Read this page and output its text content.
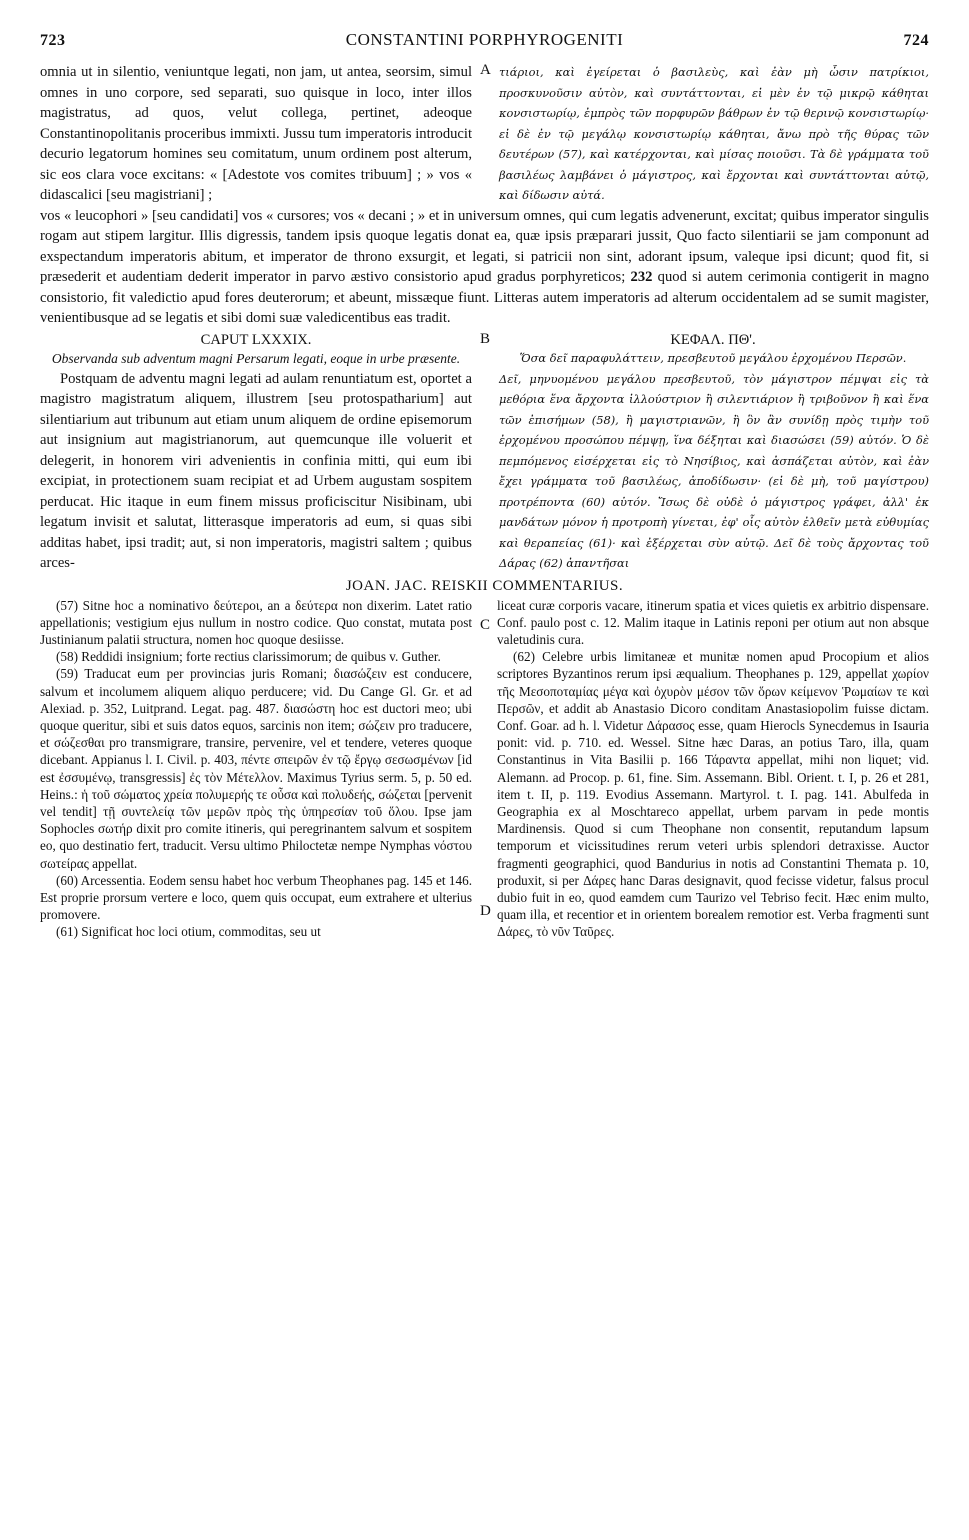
723	CONSTANTINI PORPHYROGENITI	724
A

omnia ut in silentio, veniuntque legati, non jam, ut antea, seorsim, simul omnes in uno corpore, sed separati, suo quisque in loco, inter illos magistratus, ad quos, velut collega, pertinet, adeoque Constantinopolitanis proceribus immixti. Jussu tum imperatoris introducit decurio legatorum homines seu comitatum, unum ordinem post alterum, sic eos clara voce excitans: « [Adestote vos comites tribuum] ; » vos « didascalici [seu magistriani] ;

τιάριοι, καὶ ἐγείρεται ὁ βασιλεὺς, καὶ ἐὰν μὴ ὦσιν πατρίκιοι, προσκυνοῦσιν αὐτὸν, καὶ συντάττονται, εἰ μὲν ἐν τῷ μικρῷ κάθηται κονσιστωρίῳ, ἐμπρὸς τῶν πορφυρῶν βάθρων ἐν τῷ θερινῷ κονσιστωρίῳ· εἰ δὲ ἐν τῷ μεγάλῳ κονσιστωρίῳ κάθηται, ἄνω πρὸ τῆς θύρας τῶν δευτέρων (57), καὶ κατέρχονται, καὶ μίσας ποιοῦσι. Τὰ δὲ γράμματα τοῦ βασιλέως λαμβάνει ὁ μάγιστρος, καὶ ἔρχονται καὶ συντάττονται αὐτῷ, καὶ δίδωσιν αὐτά.

vos « leucophori » [seu candidati] vos « cursores; vos « decani ; » et in universum omnes, qui cum legatis advenerunt, excitat; quibus imperator singulis rogam aut stipem largitur. Illis digressis, tandem ipsis quoque legatis donat ea, quæ ipsis præparari jussit, Quo facto silentiarii se jam componunt ad exspectandum imperatoris abitum, et imperator de throno exsurgit, et legati, si patricii non sint, adorant ipsum, valeque ipsi dicunt; quod fit, si præsederit et audentiam dederit imperator in parvo æstivo consistorio apud gradus porphyreticos; 232 quod si autem cerimonia contigerit in magno consistorio, fit valedictio apud fores deuterorum; et abeunt, missæque fiunt. Litteras autem imperatoris ad alterum occidentalem ad se sumit magister, venientibusque ad se legatis et sibi domi suæ valedicentibus eas tradit.

CAPUT LXXXIX.	ΚΕΦΑΛ. ΠΘ'.
Observanda sub adventum magni Persarum legati, eoque in urbe præsente.	Ὅσα δεῖ παραφυλάττειν, πρεσβευτοῦ μεγάλου ἐρχομένου Περσῶν.
B
C

Postquam de adventu magni legati ad aulam renuntiatum est, oportet a magistro magistratum aliquem, illustrem [seu protospatharium] aut silentiarium aut tribunum aut etiam unum aliquem de ordine episemorum aut insignium aut magistrianorum, aut quemcunque ille voluerit et delegerit, in honorem viri advenientis in confinia mitti, qui eum ibi excipiat, in protectionem suam recipiat et ad Urbem augustam sospitem perducat. Hic itaque in eum finem missus proficiscitur Nisibinam, ubi legatum invisit et salutat, litterasque imperatoris ad eum, si quas sibi additas habet, ipsi tradit; aut, si non imperatoris, magistri saltem ; quibus arces-

Δεῖ, μηνυομένου μεγάλου πρεσβευτοῦ, τὸν μάγιστρον πέμψαι εἰς τὰ μεθόρια ἕνα ἄρχοντα ἰλλούστριον ἢ σιλεντιάριον ἢ τριβοῦνον ἢ καὶ ἕνα τῶν ἐπισήμων (58), ἢ μαγιστριανῶν, ἢ ὃν ἂν συνίδῃ πρὸς τιμὴν τοῦ ἐρχομένου προσώπου πέμψῃ, ἵνα δέξηται καὶ διασώσει (59) αὐτόν. Ὁ δὲ πεμπόμενος εἰσέρχεται εἰς τὸ Νησίβιος, καὶ ἀσπάζεται αὐτὸν, καὶ ἐὰν ἔχει γράμματα τοῦ βασιλέως, ἀποδίδωσιν· (εἰ δὲ μὴ, τοῦ μαγίστρου) προτρέποντα (60) αὐτόν. Ἴσως δὲ οὐδὲ ὁ μάγιστρος γράφει, ἀλλ' ἐκ μανδάτων μόνον ἡ προτροπὴ γίνεται, ἐφ' οἷς αὐτὸν ἐλθεῖν μετὰ εὐθυμίας καὶ θεραπείας (61)· καὶ ἐξέρχεται σὺν αὐτῷ. Δεῖ δὲ τοὺς ἄρχοντας τοῦ Δάρας (62) ἀπαντῆσαι

JOAN. JAC. REISKII COMMENTARIUS.
D

(57) Sitne hoc a nominativo δεύτεροι, an a δεύτερα non dixerim. Latet ratio appellationis; vestigium ejus nullum in nostro codice. Quo constat, mutata post Justinianum palatii structura, nomen hoc quoque desiisse.

(58) Reddidi insignium; forte rectius clarissimorum; de quibus v. Guther.

(59) Traducat eum per provincias juris Romani; διασώζειν est conducere, salvum et incolumem aliquem aliquo perducere; vid. Du Cange Gl. Gr. et ad Alexiad. p. 352, Luitprand. Legat. pag. 487. διασώστη hoc est ductori meo; ubi quoque queritur, sibi et suis datos equos, sarcinis non item; σώζειν pro traducere, et σώζεσθαι pro transmigrare, transire, pervenire, vel et tendere, veteres quoque dicebant. Appianus l. I. Civil. p. 403, πέντε σπειρῶν ἐν τῷ ἔργῳ σεσωσμένων [id est ἐσσυμένῳ, transgressis] ἐς τὸν Μέτελλον. Maximus Tyrius serm. 5, p. 50 ed. Heins.: ἡ τοῦ σώματος χρεία πολυμερής τε οὖσα καὶ πολυδεής, σώζεται [pervenit vel tendit] τῇ συντελείᾳ τῶν μερῶν πρὸς τὴς ὑπηρεσίαν τοῦ ὅλου. Ipse jam Sophocles σωτήρ dixit pro comite itineris, qui peregrinantem salvum et sospitem eo, quo destinatio fert, traducit. Versu ultimo Philoctetæ nempe Nymphas νόστου σωτείρας appellat.

(60) Arcessentia. Eodem sensu habet hoc verbum Theophanes pag. 145 et 146. Est proprie prorsum vertere e loco, quem quis occupat, eum extrahere et ulterius promovere.

(61) Significat hoc loci otium, commoditas, seu ut

liceat curæ corporis vacare, itinerum spatia et vices quietis ex arbitrio dispensare. Conf. paulo post c. 12. Malim itaque in Latinis reponi per otium aut non absque valetudinis cura.

(62) Celebre urbis limitaneæ et munitæ nomen apud Procopium et alios scriptores Byzantinos rerum ipsi æqualium. Theophanes p. 129, appellat χωρίον τῆς Μεσοποταμίας μέγα καὶ ὀχυρὸν μέσον τῶν ὅρων κείμενον Ῥωμαίων τε καὶ Περσῶν, et addit ab Anastasio Dicoro conditam Anastasiopolim fuisse dictam. Conf. Goar. ad h. l. Videtur Δάρασος esse, quam Hierocls Synecdemus in Isauria ponit: vid. p. 710. ed. Wessel. Sitne hæc Daras, an potius Taro, illa, quam Constantinus in Vita Basilii p. 166 Τάραντα appellat, mihi non liquet; vid. Alemann. ad Procop. p. 61, fine. Sim. Assemann. Bibl. Orient. t. I, p. 26 et 281, item t. II, p. 119. Evodius Assemann. Martyrol. t. I. pag. 141. Abulfeda in Geographia ex al Moschtareco appellat, urbem parvam in pede montis Mardinensis. Quod si cum Theophane non consentit, reputandum lapsum temporum et vicissitudines rerum veteri urbis splendori detraxisse. Auctor fragmenti geographici, quod Bandurius in notis ad Constantini Themata p. 10, produxit, si per Δάρες hanc Daras designavit, quod fecisse videtur, falsus procul dubio fuit in eo, quod eamdem cum Taurizo vel Tebriso fecit. Hæc enim multo, quam illa, et recentior et in orientem borealem remotior est. Verba fragmenti sunt Δάρες, τὸ νῦν Ταῦρες.
